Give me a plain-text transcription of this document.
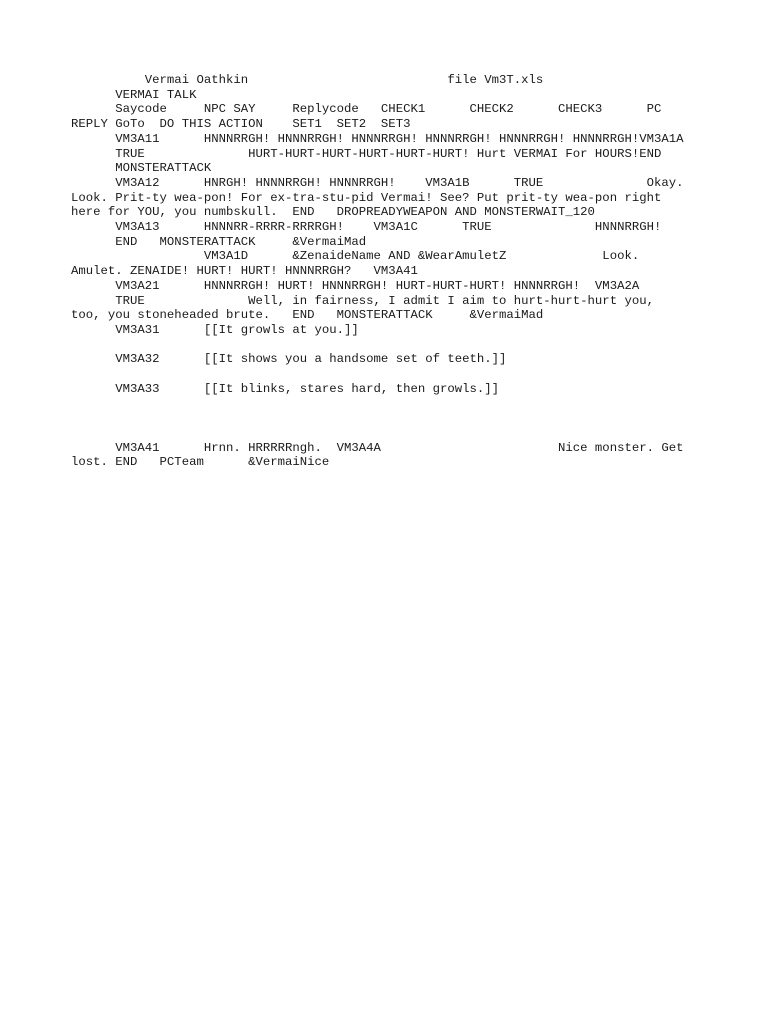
Vermai Oathkin                           file Vm3T.xls
VERMAI TALK
Saycode     NPC SAY     Replycode   CHECK1      CHECK2      CHECK3      PC
REPLY GoTo  DO THIS ACTION    SET1  SET2  SET3
VM3A11      HNNNRRGH! HNNNRRGH! HNNNRRGH! HNNNRRGH! HNNNRRGH! HNNNRRGH!VM3A1A
TRUE              HURT-HURT-HURT-HURT-HURT-HURT! Hurt VERMAI For HOURS!END
MONSTERATTACK
VM3A12      HNRGH! HNNNRRGH! HNNNRRGH!    VM3A1B      TRUE              Okay.
Look. Prit-ty wea-pon! For ex-tra-stu-pid Vermai! See? Put prit-ty wea-pon right
here for YOU, you numbskull.  END   DROPREADYWEAPON AND MONSTERWAIT_120
VM3A13      HNNNRR-RRRR-RRRRGH!    VM3A1C      TRUE              HNNNRRGH!
END   MONSTERATTACK     &VermaiMad
VM3A1D      &ZenaideName AND &WearAmuletZ             Look.
Amulet. ZENAIDE! HURT! HURT! HNNNRRGH?   VM3A41
VM3A21      HNNNRRGH! HURT! HNNNRRGH! HURT-HURT-HURT! HNNNRRGH!  VM3A2A
TRUE              Well, in fairness, I admit I aim to hurt-hurt-hurt you,
too, you stoneheaded brute.   END   MONSTERATTACK     &VermaiMad
VM3A31      [[It growls at you.]]

VM3A32      [[It shows you a handsome set of teeth.]]

VM3A33      [[It blinks, stares hard, then growls.]]

VM3A41      Hrnn. HRRRRRngh.  VM3A4A                        Nice monster. Get
lost. END   PCTeam      &VermaiNice
